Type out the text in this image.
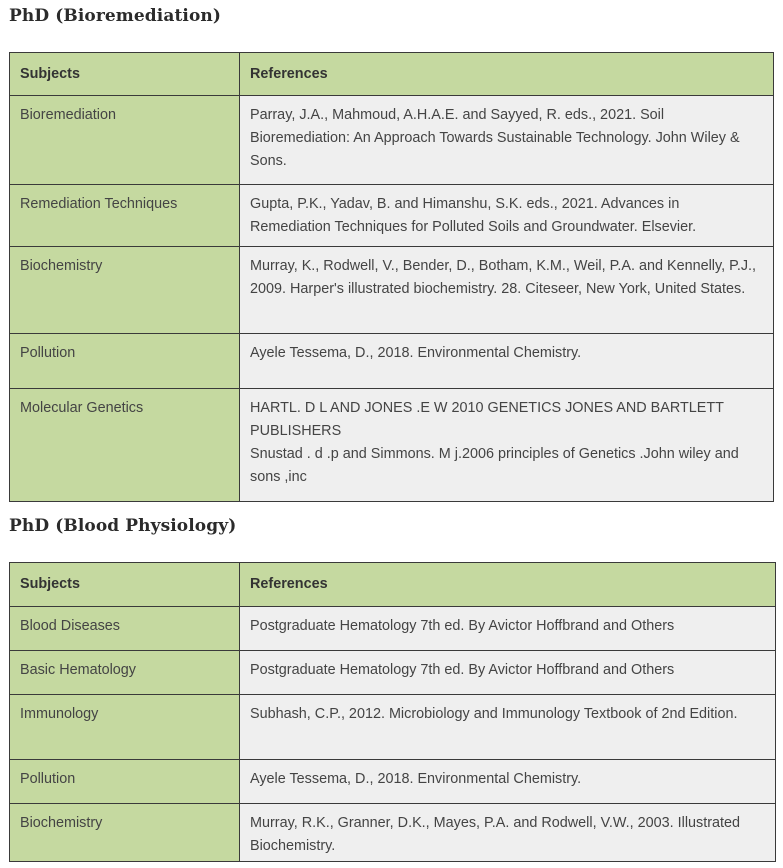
PhD (Bioremediation)
Subjects	References
Bioremediation	Parray, J.A., Mahmoud, A.H.A.E. and Sayyed, R. eds., 2021. Soil Bioremediation: An Approach Towards Sustainable Technology. John Wiley & Sons.

Remediation Techniques	Gupta, P.K., Yadav, B. and Himanshu, S.K. eds., 2021. Advances in Remediation Techniques for Polluted Soils and Groundwater. Elsevier.

Biochemistry	Murray, K., Rodwell, V., Bender, D., Botham, K.M., Weil, P.A. and Kennelly, P.J., 2009. Harper's illustrated biochemistry. 28. Citeseer, New York, United States.

Pollution	Ayele Tessema, D., 2018. Environmental Chemistry.

Molecular Genetics	HARTL. D L AND JONES .E W 2010 GENETICS JONES AND BARTLETT PUBLISHERS
Snustad . d .p and Simmons. M j.2006 principles of Genetics .John wiley and sons ,inc
PhD (Blood Physiology)
Subjects	References
Blood Diseases	Postgraduate Hematology 7th ed. By Avictor Hoffbrand and Others

Basic Hematology	Postgraduate Hematology 7th ed. By Avictor Hoffbrand and Others

Immunology	Subhash, C.P., 2012. Microbiology and Immunology Textbook of 2nd Edition.

Pollution	Ayele Tessema, D., 2018. Environmental Chemistry.

Biochemistry	Murray, R.K., Granner, D.K., Mayes, P.A. and Rodwell, V.W., 2003. Illustrated Biochemistry.
